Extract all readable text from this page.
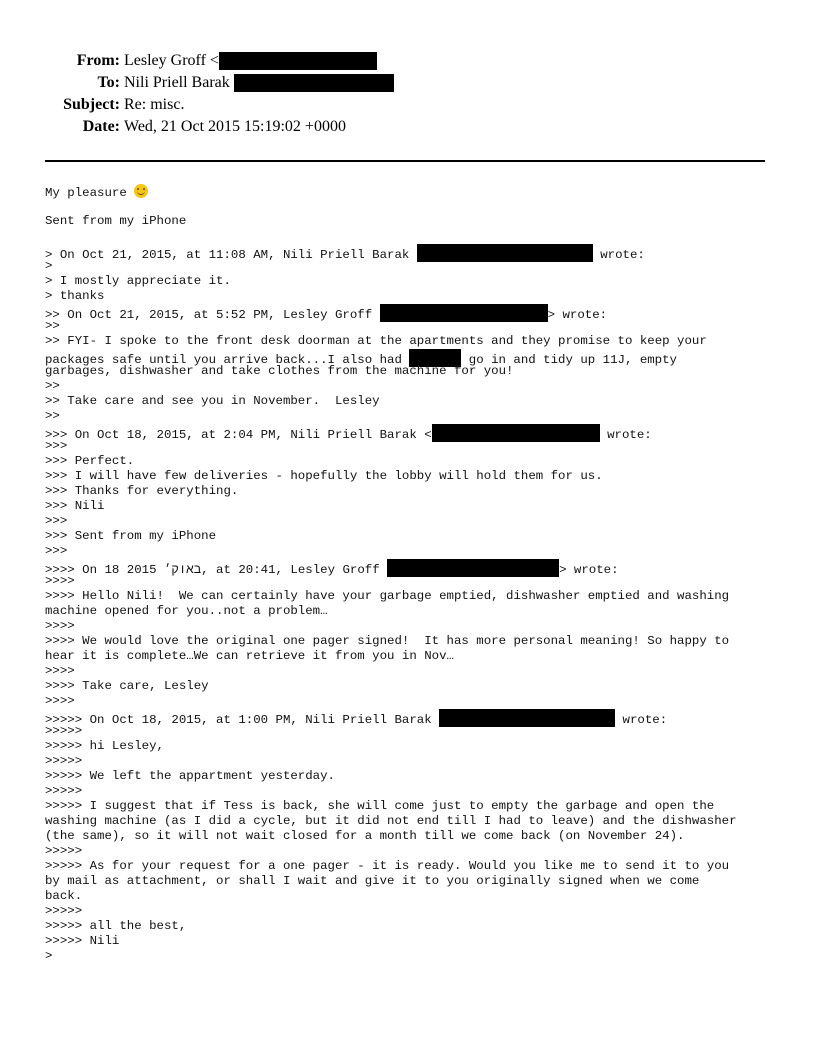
From: Lesley Groff <
To: Nili Priell Barak
Subject: Re: misc.
Date: Wed, 21 Oct 2015 15:19:02 +0000
My pleasure
Sent from my iPhone
> On Oct 21, 2015, at 11:08 AM, Nili Priell Barak	wrote:
>
> I mostly appreciate it.
> thanks
>> On Oct 21, 2015, at 5:52 PM, Lesley Groff	> wrote:
>>
>> FYI- I spoke to the front desk doorman at the apartments and they promise to keep your
packages safe until you arrive back...I also had	go in and tidy up 11J, empty
garbages, dishwasher and take clothes from the machine for you!
>>
>> Take care and see you in November.  Lesley
>>
>>> On Oct 18, 2015, at 2:04 PM, Nili Priell Barak <	wrote:
>>>
>>> Perfect.
>>> I will have few deliveries - hopefully the lobby will hold them for us.
>>> Thanks for everything.
>>> Nili
>>>
>>> Sent from my iPhone
>>>
>>>> On 18 2015 באוק׳, at 20:41, Lesley Groff	> wrote:
>>>>
>>>> Hello Nili!  We can certainly have your garbage emptied, dishwasher emptied and washing
machine opened for you..not a problem…
>>>>
>>>> We would love the original one pager signed!  It has more personal meaning! So happy to
hear it is complete…We can retrieve it from you in Nov…
>>>>
>>>> Take care, Lesley
>>>>
>>>>> On Oct 18, 2015, at 1:00 PM, Nili Priell Barak	wrote:
>>>>>
>>>>> hi Lesley,
>>>>>
>>>>> We left the appartment yesterday.
>>>>>
>>>>> I suggest that if Tess is back, she will come just to empty the garbage and open the
washing machine (as I did a cycle, but it did not end till I had to leave) and the dishwasher
(the same), so it will not wait closed for a month till we come back (on November 24).
>>>>>
>>>>> As for your request for a one pager - it is ready. Would you like me to send it to you
by mail as attachment, or shall I wait and give it to you originally signed when we come
back.
>>>>>
>>>>> all the best,
>>>>> Nili
>
